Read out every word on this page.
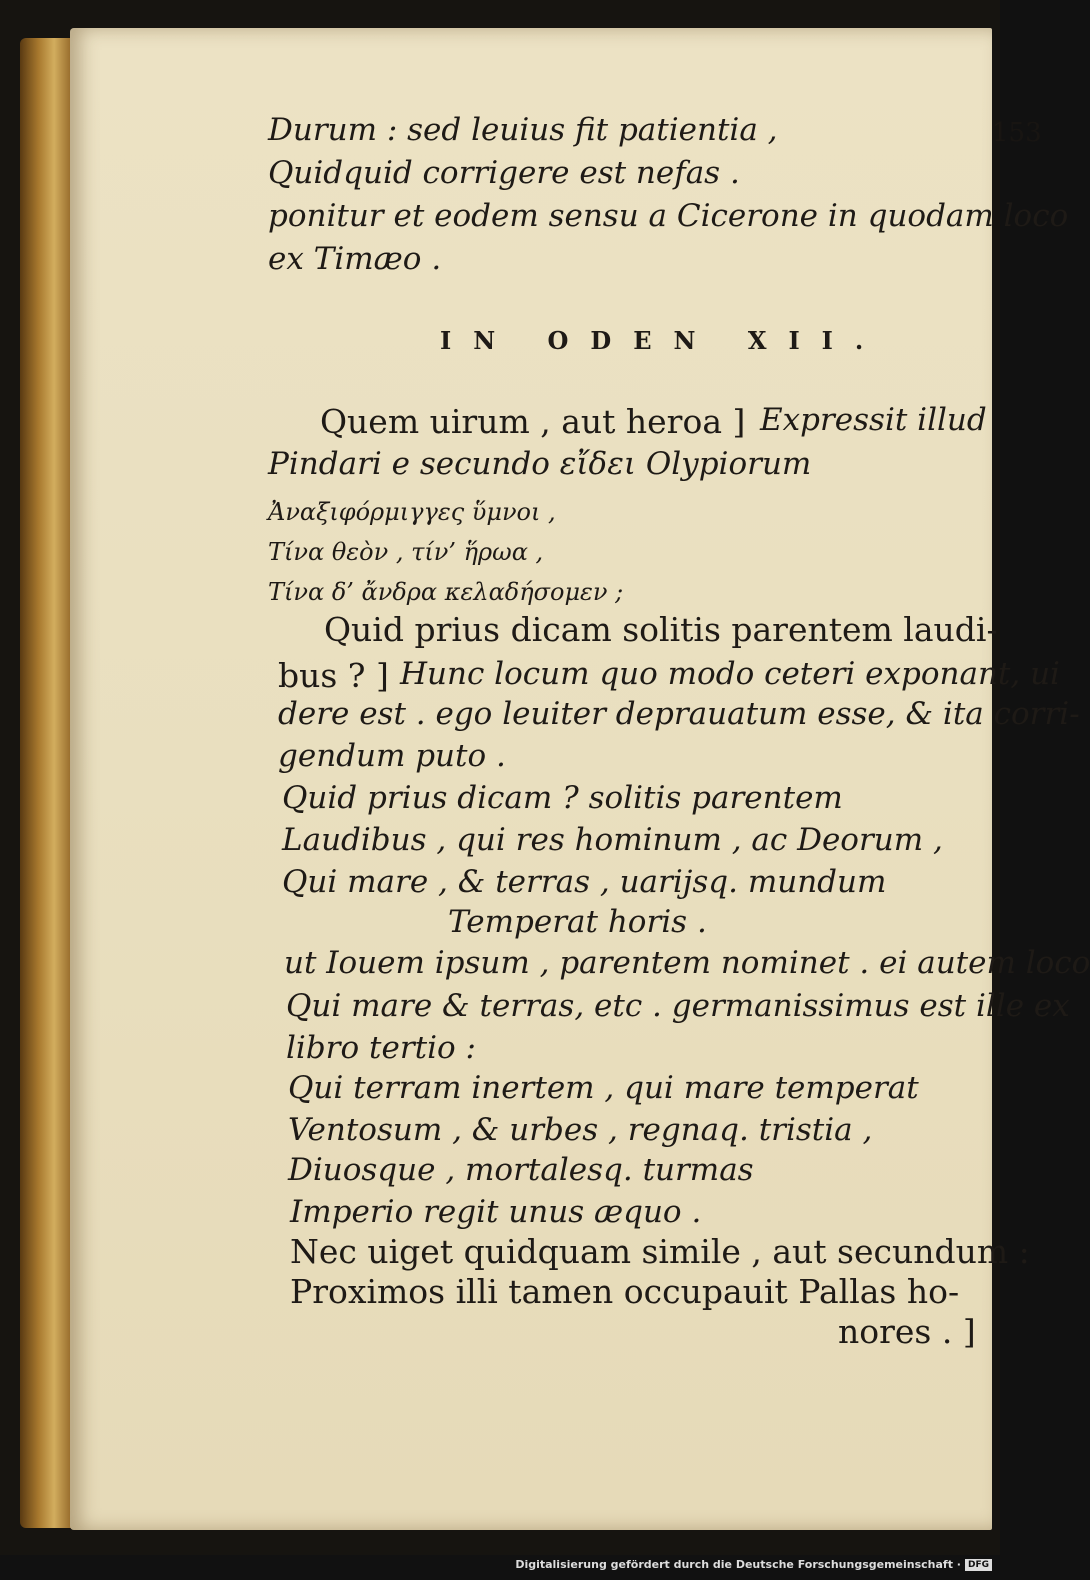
153
Durum : sed leuius fit patientia ,
Quidquid corrigere est nefas .
ponitur et eodem sensu a Cicerone in quodam loco
ex Timæo .
IN ODEN XII.
Quem uirum , aut heroa ] Expressit illud
Pindari e secundo εἴδει Olypiorum
Ἀναξιφόρμιγγες ὕμνοι ,
Τίνα θεὸν , τίν’ ἥρωα ,
Τίνα δ’ ἄνδρα κελαδήσομεν ;
Quid prius dicam solitis parentem laudi-
bus ? ] Hunc locum quo modo ceteri exponant, ui
dere est . ego leuiter deprauatum esse, & ita corri-
gendum puto .
Quid prius dicam ? solitis parentem
Laudibus , qui res hominum , ac Deorum ,
Qui mare , & terras , uarijsq. mundum
Temperat horis .
ut Iouem ipsum , parentem nominet . ei autem loco
Qui mare & terras, etc . germanissimus est ille ex
libro tertio :
Qui terram inertem , qui mare temperat
Ventosum , & urbes , regnaq. tristia ,
Diuosque , mortalesq. turmas
Imperio regit unus æquo .
Nec uiget quidquam simile , aut secundum :
Proximos illi tamen occupauit Pallas ho-
nores . ]
Digitalisierung gefördert durch die Deutsche Forschungsgemeinschaft · DFG
